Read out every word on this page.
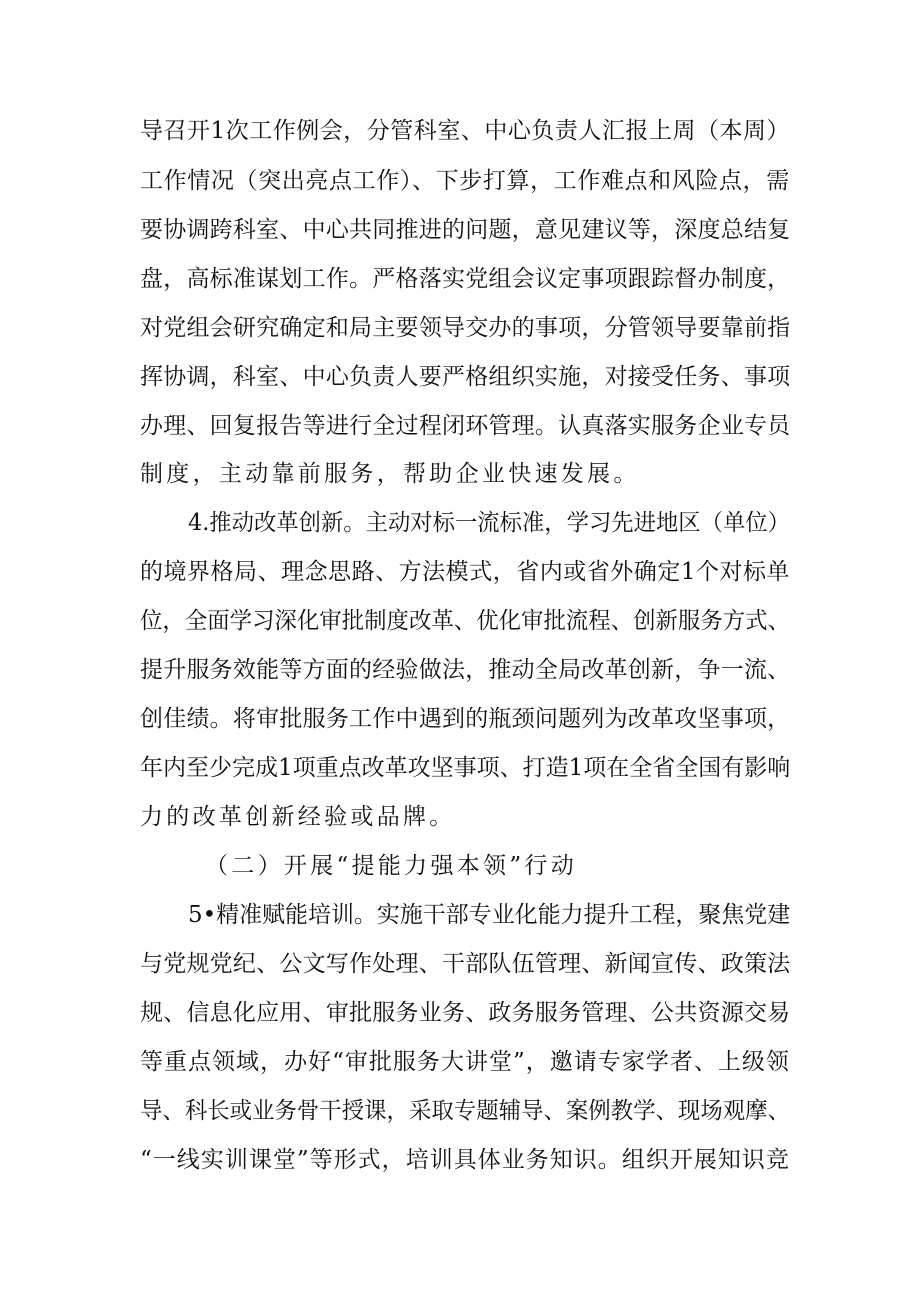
导召开1次工作例会，分管科室、中心负责人汇报上周（本周）
工作情况（突出亮点工作）、下步打算，工作难点和风险点，需
要协调跨科室、中心共同推进的问题，意见建议等，深度总结复
盘，高标准谋划工作。严格落实党组会议定事项跟踪督办制度，
对党组会研究确定和局主要领导交办的事项，分管领导要靠前指
挥协调，科室、中心负责人要严格组织实施，对接受任务、事项
办理、回复报告等进行全过程闭环管理。认真落实服务企业专员
制度，主动靠前服务，帮助企业快速发展。
4.推动改革创新。主动对标一流标准，学习先进地区（单位）
的境界格局、理念思路、方法模式，省内或省外确定1个对标单
位，全面学习深化审批制度改革、优化审批流程、创新服务方式、
提升服务效能等方面的经验做法，推动全局改革创新，争一流、
创佳绩。将审批服务工作中遇到的瓶颈问题列为改革攻坚事项，
年内至少完成1项重点改革攻坚事项、打造1项在全省全国有影响
力的改革创新经验或品牌。
（二）开展“提能力强本领”行动
5•精准赋能培训。实施干部专业化能力提升工程，聚焦党建
与党规党纪、公文写作处理、干部队伍管理、新闻宣传、政策法
规、信息化应用、审批服务业务、政务服务管理、公共资源交易
等重点领域，办好“审批服务大讲堂”，邀请专家学者、上级领
导、科长或业务骨干授课，采取专题辅导、案例教学、现场观摩、
“一线实训课堂”等形式，培训具体业务知识。组织开展知识竞
